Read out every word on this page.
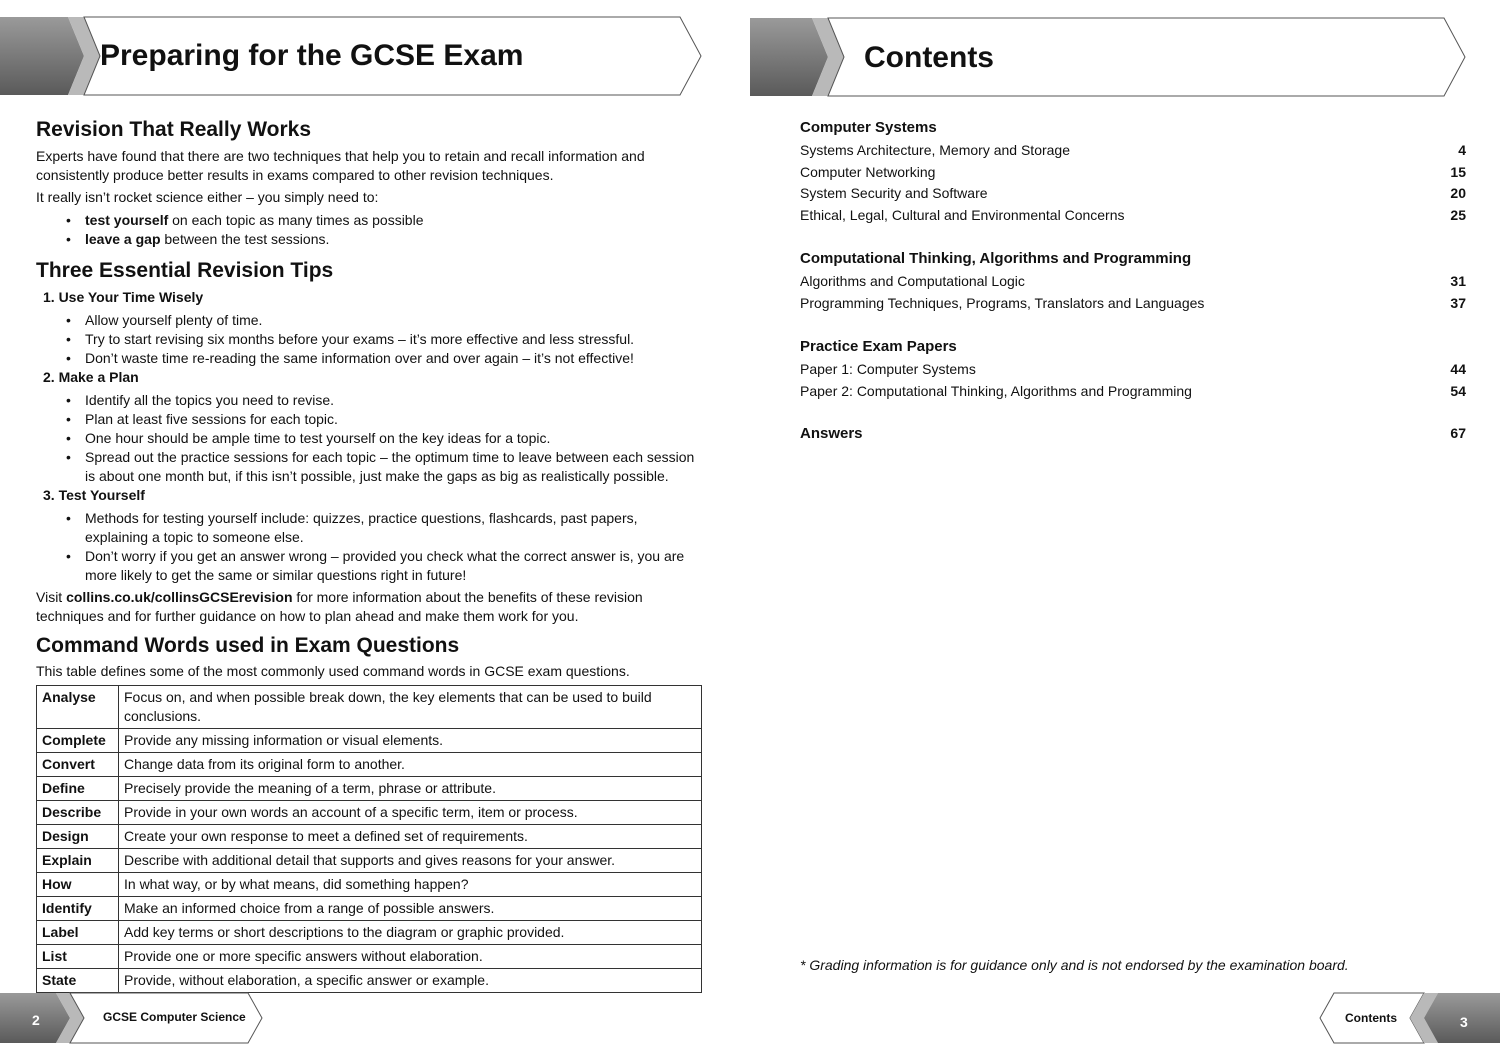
Preparing for the GCSE Exam
Revision That Really Works

Experts have found that there are two techniques that help you to retain and recall information and consistently produce better results in exams compared to other revision techniques.

It really isn’t rocket science either – you simply need to:

• test yourself on each topic as many times as possible
• leave a gap between the test sessions.
Three Essential Revision Tips
1. Use Your Time Wisely
• Allow yourself plenty of time.
• Try to start revising six months before your exams – it’s more effective and less stressful.
• Don’t waste time re-reading the same information over and over again – it’s not effective!
2. Make a Plan
• Identify all the topics you need to revise.
• Plan at least five sessions for each topic.
• One hour should be ample time to test yourself on the key ideas for a topic.
• Spread out the practice sessions for each topic – the optimum time to leave between each session is about one month but, if this isn’t possible, just make the gaps as big as realistically possible.
3. Test Yourself
• Methods for testing yourself include: quizzes, practice questions, flashcards, past papers, explaining a topic to someone else.
• Don’t worry if you get an answer wrong – provided you check what the correct answer is, you are more likely to get the same or similar questions right in future!

Visit collins.co.uk/collinsGCSErevision for more information about the benefits of these revision techniques and for further guidance on how to plan ahead and make them work for you.

Command Words used in Exam Questions

This table defines some of the most commonly used command words in GCSE exam questions.

Analyse	Focus on, and when possible break down, the key elements that can be used to build conclusions.
Complete	Provide any missing information or visual elements.
Convert	Change data from its original form to another.
Define	Precisely provide the meaning of a term, phrase or attribute.
Describe	Provide in your own words an account of a specific term, item or process.
Design	Create your own response to meet a defined set of requirements.
Explain	Describe with additional detail that supports and gives reasons for your answer.
How	In what way, or by what means, did something happen?
Identify	Make an informed choice from a range of possible answers.
Label	Add key terms or short descriptions to the diagram or graphic provided.
List	Provide one or more specific answers without elaboration.
State	Provide, without elaboration, a specific answer or example.
2	GCSE Computer Science
Contents
Computer Systems
Systems Architecture, Memory and Storage	4
Computer Networking	15
System Security and Software	20
Ethical, Legal, Cultural and Environmental Concerns	25
Computational Thinking, Algorithms and Programming
Algorithms and Computational Logic	31
Programming Techniques, Programs, Translators and Languages	37
Practice Exam Papers
Paper 1: Computer Systems	44
Paper 2: Computational Thinking, Algorithms and Programming	54
Answers	67
* Grading information is for guidance only and is not endorsed by the examination board.
Contents	3
